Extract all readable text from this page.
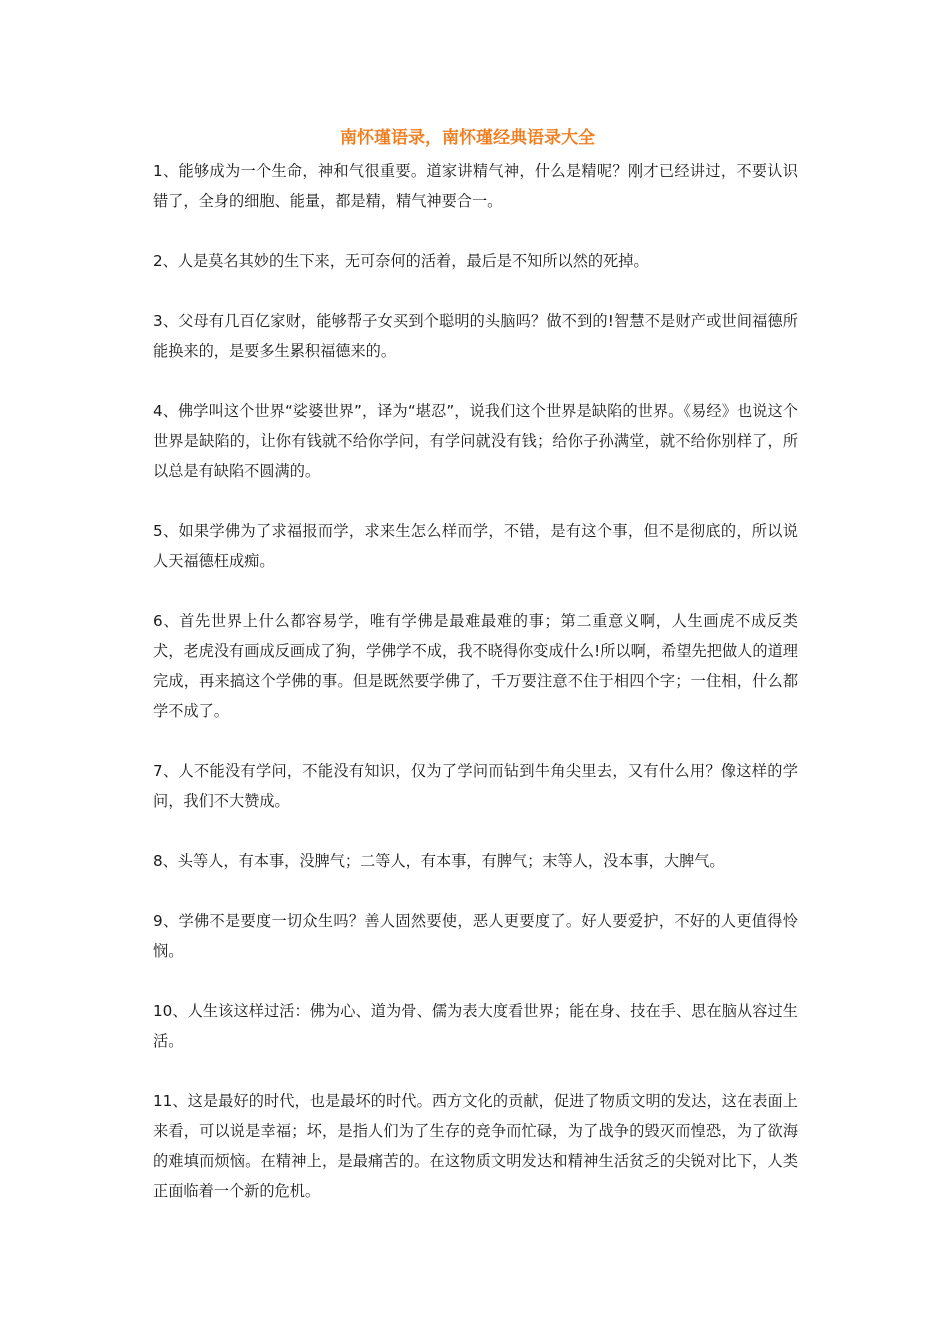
南怀瑾语录，南怀瑾经典语录大全

1、能够成为一个生命，神和气很重要。道家讲精气神，什么是精呢？刚才已经讲过，不要认识错了，全身的细胞、能量，都是精，精气神要合一。

2、人是莫名其妙的生下来，无可奈何的活着，最后是不知所以然的死掉。

3、父母有几百亿家财，能够帮子女买到个聪明的头脑吗？做不到的!智慧不是财产或世间福德所能换来的，是要多生累积福德来的。

4、佛学叫这个世界“娑婆世界”，译为“堪忍”，说我们这个世界是缺陷的世界。《易经》也说这个世界是缺陷的，让你有钱就不给你学问，有学问就没有钱；给你子孙满堂，就不给你别样了，所以总是有缺陷不圆满的。

5、如果学佛为了求福报而学，求来生怎么样而学，不错，是有这个事，但不是彻底的，所以说人天福德枉成痴。

6、首先世界上什么都容易学，唯有学佛是最难最难的事；第二重意义啊，人生画虎不成反类犬，老虎没有画成反画成了狗，学佛学不成，我不晓得你变成什么!所以啊，希望先把做人的道理完成，再来搞这个学佛的事。但是既然要学佛了，千万要注意不住于相四个字；一住相，什么都学不成了。

7、人不能没有学问，不能没有知识，仅为了学问而钻到牛角尖里去，又有什么用？像这样的学问，我们不大赞成。

8、头等人，有本事，没脾气；二等人，有本事，有脾气；末等人，没本事，大脾气。

9、学佛不是要度一切众生吗？善人固然要使，恶人更要度了。好人要爱护，不好的人更值得怜悯。

10、人生该这样过活：佛为心、道为骨、儒为表大度看世界；能在身、技在手、思在脑从容过生活。

11、这是最好的时代，也是最坏的时代。西方文化的贡献，促进了物质文明的发达，这在表面上来看，可以说是幸福；坏，是指人们为了生存的竞争而忙碌，为了战争的毁灭而惶恐，为了欲海的难填而烦恼。在精神上，是最痛苦的。在这物质文明发达和精神生活贫乏的尖锐对比下，人类正面临着一个新的危机。
